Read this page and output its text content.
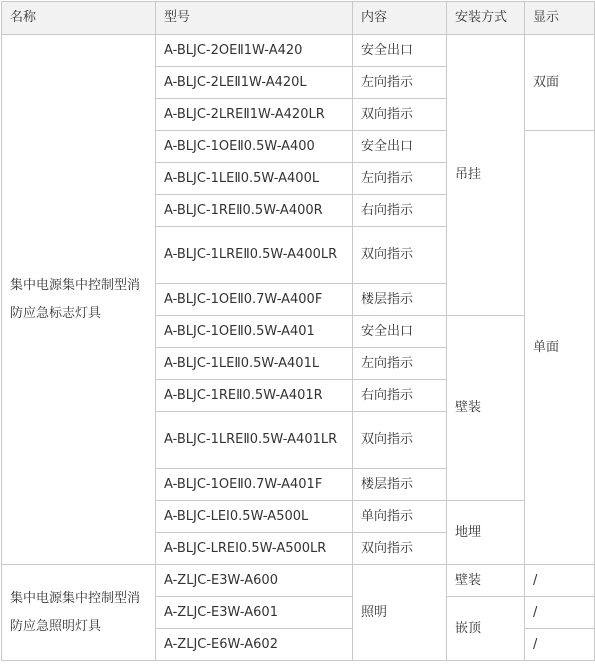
名称	型号	内容	安装方式	显示
集中电源集中控制型消防应急标志灯具	A-BLJC-2OEⅡ1W-A420	安全出口	吊挂	双面
	A-BLJC-2LEⅡ1W-A420L	左向指示		
	A-BLJC-2LREⅡ1W-A420LR	双向指示		
	A-BLJC-1OEⅡ0.5W-A400	安全出口		单面
	A-BLJC-1LEⅡ0.5W-A400L	左向指示		
	A-BLJC-1REⅡ0.5W-A400R	右向指示		
	A-BLJC-1LREⅡ0.5W-A400LR	双向指示		
	A-BLJC-1OEⅡ0.7W-A400F	楼层指示		
	A-BLJC-1OEⅡ0.5W-A401	安全出口	壁装	
	A-BLJC-1LEⅡ0.5W-A401L	左向指示		
	A-BLJC-1REⅡ0.5W-A401R	右向指示		
	A-BLJC-1LREⅡ0.5W-A401LR	双向指示		
	A-BLJC-1OEⅡ0.7W-A401F	楼层指示		
	A-BLJC-LEⅠ0.5W-A500L	单向指示	地埋	
	A-BLJC-LREⅠ0.5W-A500LR	双向指示		
集中电源集中控制型消防应急照明灯具	A-ZLJC-E3W-A600	照明	壁装	/
	A-ZLJC-E3W-A601		嵌顶	/
	A-ZLJC-E6W-A602			/
